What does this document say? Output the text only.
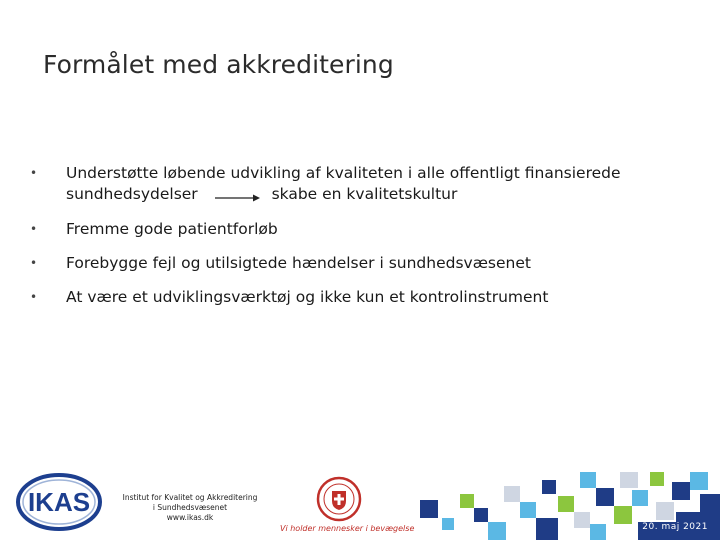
Formålet med akkreditering
• Understøtte løbende udvikling af kvaliteten i alle offentligt finansierede
sundhedsydelser	skabe en kvalitetskultur
• Fremme gode patientforløb
• Forebygge fejl og utilsigtede hændelser i sundhedsvæsenet
• At være et udviklingsværktøj og ikke kun et kontrolinstrument
IKAS	Institut for Kvalitet og Akkreditering
i Sundhedsvæsenet
www.ikas.dk
Vi holder mennesker i bevægelse	20. maj 2021
